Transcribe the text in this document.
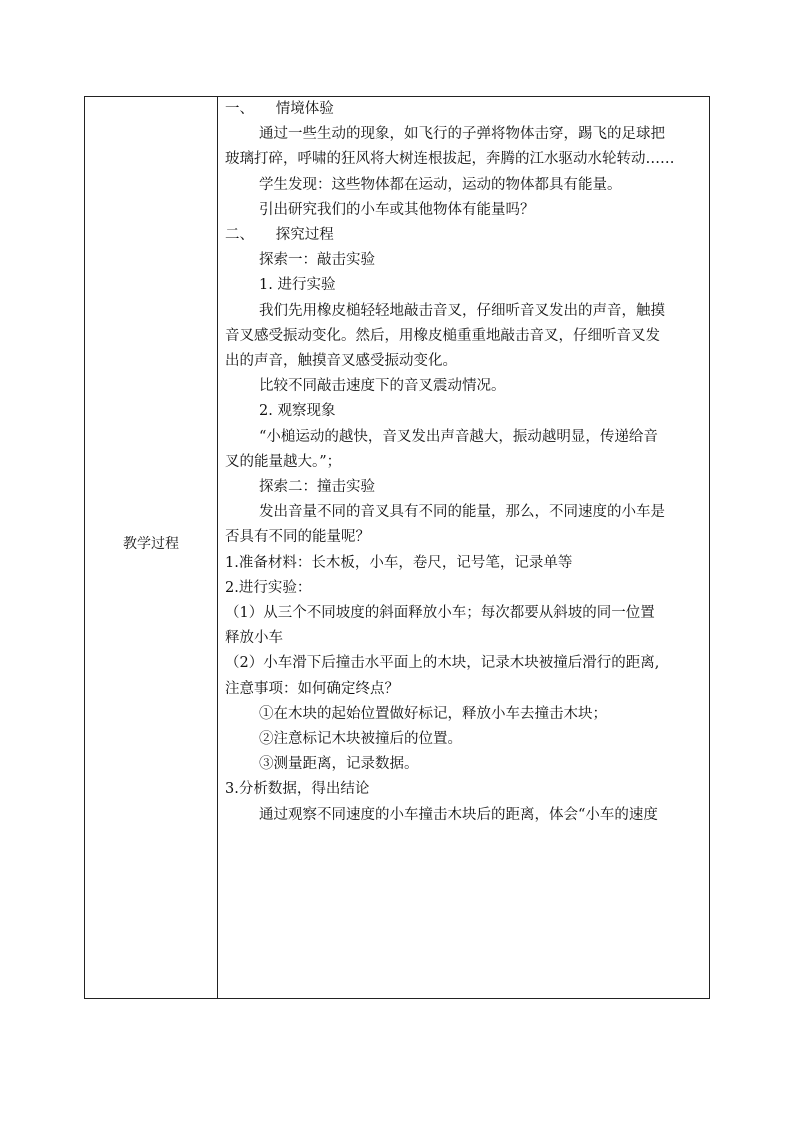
教学过程
一、　　情境体验
通过一些生动的现象，如飞行的子弹将物体击穿，踢飞的足球把
玻璃打碎，呼啸的狂风将大树连根拔起，奔腾的江水驱动水轮转动……
学生发现：这些物体都在运动，运动的物体都具有能量。
引出研究我们的小车或其他物体有能量吗？
二、　　探究过程
探索一：敲击实验
1. 进行实验
我们先用橡皮槌轻轻地敲击音叉，仔细听音叉发出的声音，触摸
音叉感受振动变化。然后，用橡皮槌重重地敲击音叉，仔细听音叉发
出的声音，触摸音叉感受振动变化。
比较不同敲击速度下的音叉震动情况。
2. 观察现象
“小槌运动的越快，音叉发出声音越大，振动越明显，传递给音
叉的能量越大。”；
探索二：撞击实验
发出音量不同的音叉具有不同的能量，那么，不同速度的小车是
否具有不同的能量呢？
1.准备材料：长木板，小车，卷尺，记号笔，记录单等
2.进行实验：
（1）从三个不同坡度的斜面释放小车；每次都要从斜坡的同一位置
释放小车
（2）小车滑下后撞击水平面上的木块，记录木块被撞后滑行的距离,
注意事项：如何确定终点？
①在木块的起始位置做好标记，释放小车去撞击木块；
②注意标记木块被撞后的位置。
③测量距离，记录数据。
3.分析数据，得出结论
通过观察不同速度的小车撞击木块后的距离，体会“小车的速度
